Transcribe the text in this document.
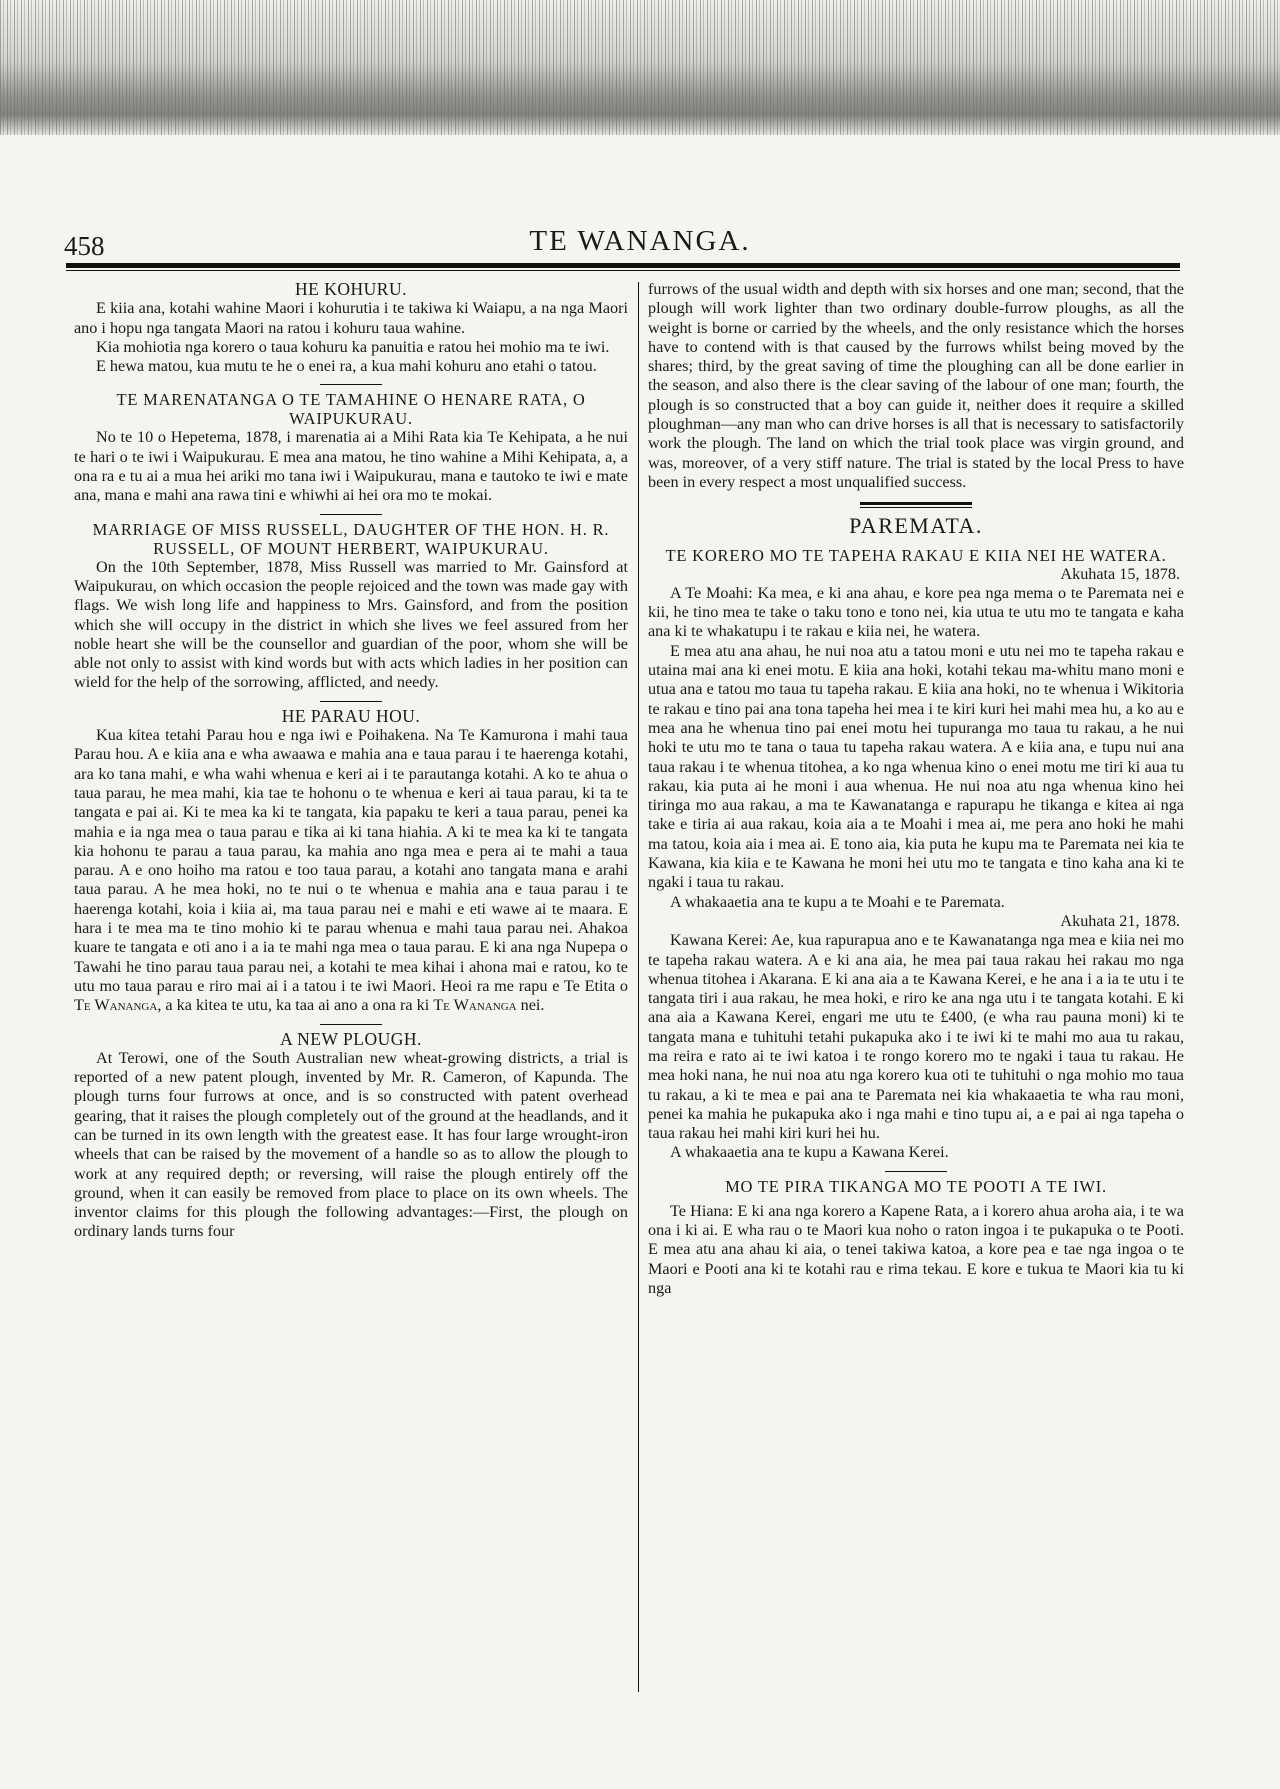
458	TE WANANGA.
HE KOHURU.

E kiia ana, kotahi wahine Maori i kohurutia i te takiwa ki Waiapu, a na nga Maori ano i hopu nga tangata Maori na ratou i kohuru taua wahine.

Kia mohiotia nga korero o taua kohuru ka panuitia e ratou hei mohio ma te iwi.

E hewa matou, kua mutu te he o enei ra, a kua mahi kohuru ano etahi o tatou.

TE MARENATANGA O TE TAMAHINE O HENARE RATA, O WAIPUKURAU.

No te 10 o Hepetema, 1878, i marenatia ai a Mihi Rata kia Te Kehipata, a he nui te hari o te iwi i Waipukurau. E mea ana matou, he tino wahine a Mihi Kehipata, a, a ona ra e tu ai a mua hei ariki mo tana iwi i Waipukurau, mana e tautoko te iwi e mate ana, mana e mahi ana rawa tini e whiwhi ai hei ora mo te mokai.

MARRIAGE OF MISS RUSSELL, DAUGHTER OF THE HON. H. R. RUSSELL, OF MOUNT HERBERT, WAIPUKURAU.

On the 10th September, 1878, Miss Russell was married to Mr. Gainsford at Waipukurau, on which occasion the people rejoiced and the town was made gay with flags. We wish long life and happiness to Mrs. Gainsford, and from the position which she will occupy in the district in which she lives we feel assured from her noble heart she will be the counsellor and guardian of the poor, whom she will be able not only to assist with kind words but with acts which ladies in her position can wield for the help of the sorrowing, afflicted, and needy.

HE PARAU HOU.

Kua kitea tetahi Parau hou e nga iwi e Poihakena. Na Te Kamurona i mahi taua Parau hou. A e kiia ana e wha awaawa e mahia ana e taua parau i te haerenga kotahi, ara ko tana mahi, e wha wahi whenua e keri ai i te parautanga kotahi. A ko te ahua o taua parau, he mea mahi, kia tae te hohonu o te whenua e keri ai taua parau, ki ta te tangata e pai ai. Ki te mea ka ki te tangata, kia papaku te keri a taua parau, penei ka mahia e ia nga mea o taua parau e tika ai ki tana hiahia. A ki te mea ka ki te tangata kia hohonu te parau a taua parau, ka mahia ano nga mea e pera ai te mahi a taua parau. A e ono hoiho ma ratou e too taua parau, a kotahi ano tangata mana e arahi taua parau. A he mea hoki, no te nui o te whenua e mahia ana e taua parau i te haerenga kotahi, koia i kiia ai, ma taua parau nei e mahi e eti wawe ai te maara. E hara i te mea ma te tino mohio ki te parau whenua e mahi taua parau nei. Ahakoa kuare te tangata e oti ano i a ia te mahi nga mea o taua parau. E ki ana nga Nupepa o Tawahi he tino parau taua parau nei, a kotahi te mea kihai i ahona mai e ratou, ko te utu mo taua parau e riro mai ai i a tatou i te iwi Maori. Heoi ra me rapu e Te Etita o Te Wananga, a ka kitea te utu, ka taa ai ano a ona ra ki Te Wananga nei.

A NEW PLOUGH.

At Terowi, one of the South Australian new wheat-growing districts, a trial is reported of a new patent plough, invented by Mr. R. Cameron, of Kapunda. The plough turns four furrows at once, and is so constructed with patent overhead gearing, that it raises the plough completely out of the ground at the headlands, and it can be turned in its own length with the greatest ease. It has four large wrought-iron wheels that can be raised by the movement of a handle so as to allow the plough to work at any required depth; or reversing, will raise the plough entirely off the ground, when it can easily be removed from place to place on its own wheels. The inventor claims for this plough the following advantages:—First, the plough on ordinary lands turns four

furrows of the usual width and depth with six horses and one man; second, that the plough will work lighter than two ordinary double-furrow ploughs, as all the weight is borne or carried by the wheels, and the only resistance which the horses have to contend with is that caused by the furrows whilst being moved by the shares; third, by the great saving of time the ploughing can all be done earlier in the season, and also there is the clear saving of the labour of one man; fourth, the plough is so constructed that a boy can guide it, neither does it require a skilled ploughman—any man who can drive horses is all that is necessary to satisfactorily work the plough. The land on which the trial took place was virgin ground, and was, moreover, of a very stiff nature. The trial is stated by the local Press to have been in every respect a most unqualified success.

PAREMATA.
TE KORERO MO TE TAPEHA RAKAU E KIIA NEI HE WATERA.

Akuhata 15, 1878.

A Te Moahi: Ka mea, e ki ana ahau, e kore pea nga mema o te Paremata nei e kii, he tino mea te take o taku tono e tono nei, kia utua te utu mo te tangata e kaha ana ki te whakatupu i te rakau e kiia nei, he watera.

E mea atu ana ahau, he nui noa atu a tatou moni e utu nei mo te tapeha rakau e utaina mai ana ki enei motu. E kiia ana hoki, kotahi tekau ma-whitu mano moni e utua ana e tatou mo taua tu tapeha rakau. E kiia ana hoki, no te whenua i Wikitoria te rakau e tino pai ana tona tapeha hei mea i te kiri kuri hei mahi mea hu, a ko au e mea ana he whenua tino pai enei motu hei tupuranga mo taua tu rakau, a he nui hoki te utu mo te tana o taua tu tapeha rakau watera. A e kiia ana, e tupu nui ana taua rakau i te whenua titohea, a ko nga whenua kino o enei motu me tiri ki aua tu rakau, kia puta ai he moni i aua whenua. He nui noa atu nga whenua kino hei tiringa mo aua rakau, a ma te Kawanatanga e rapurapu he tikanga e kitea ai nga take e tiria ai aua rakau, koia aia a te Moahi i mea ai, me pera ano hoki he mahi ma tatou, koia aia i mea ai. E tono aia, kia puta he kupu ma te Paremata nei kia te Kawana, kia kiia e te Kawana he moni hei utu mo te tangata e tino kaha ana ki te ngaki i taua tu rakau.

A whakaaetia ana te kupu a te Moahi e te Paremata.

Akuhata 21, 1878.

Kawana Kerei: Ae, kua rapurapua ano e te Kawanatanga nga mea e kiia nei mo te tapeha rakau watera. A e ki ana aia, he mea pai taua rakau hei rakau mo nga whenua titohea i Akarana. E ki ana aia a te Kawana Kerei, e he ana i a ia te utu i te tangata tiri i aua rakau, he mea hoki, e riro ke ana nga utu i te tangata kotahi. E ki ana aia a Kawana Kerei, engari me utu te £400, (e wha rau pauna moni) ki te tangata mana e tuhituhi tetahi pukapuka ako i te iwi ki te mahi mo aua tu rakau, ma reira e rato ai te iwi katoa i te rongo korero mo te ngaki i taua tu rakau. He mea hoki nana, he nui noa atu nga korero kua oti te tuhituhi o nga mohio mo taua tu rakau, a ki te mea e pai ana te Paremata nei kia whakaaetia te wha rau moni, penei ka mahia he pukapuka ako i nga mahi e tino tupu ai, a e pai ai nga tapeha o taua rakau hei mahi kiri kuri hei hu.

A whakaaetia ana te kupu a Kawana Kerei.

MO TE PIRA TIKANGA MO TE POOTI A TE IWI.

Te Hiana: E ki ana nga korero a Kapene Rata, a i korero ahua aroha aia, i te wa ona i ki ai. E wha rau o te Maori kua noho o raton ingoa i te pukapuka o te Pooti. E mea atu ana ahau ki aia, o tenei takiwa katoa, a kore pea e tae nga ingoa o te Maori e Pooti ana ki te kotahi rau e rima tekau. E kore e tukua te Maori kia tu ki nga
